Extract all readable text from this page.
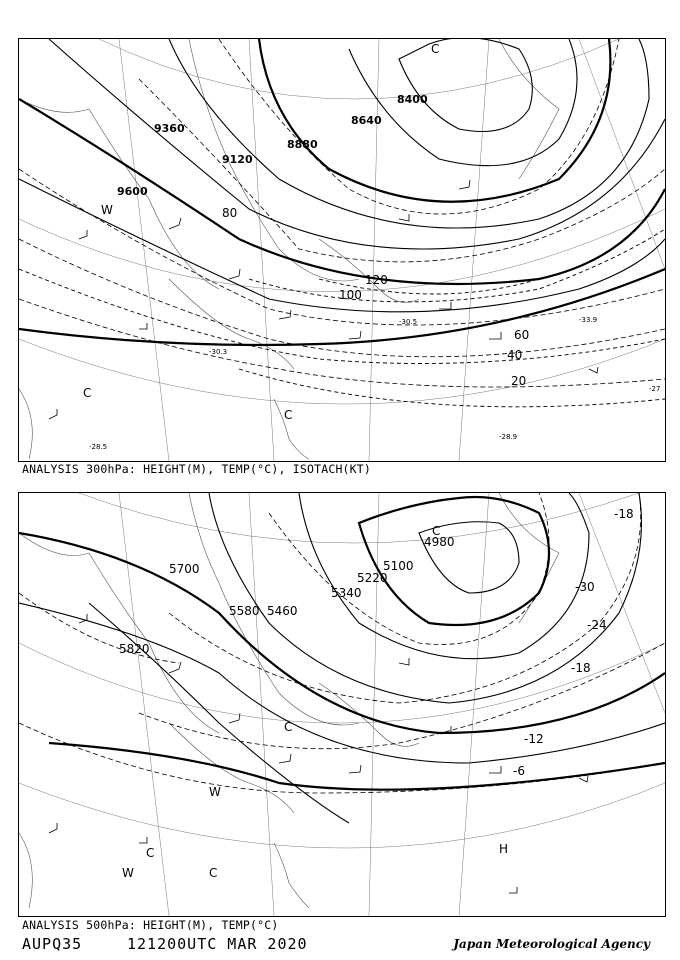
9360
9600
9120
8880
8640
8400
20
40
60
80
100
120
-30.5
-30.3
-28.9
-28.5
-33.9
-27
W
C
C
C
ANALYSIS 300hPa: HEIGHT(M), TEMP(°C), ISOTACH(KT)
5700
5820
5580 5460
5340
5220
5100
4980
-6
-12
-18
-24
-30
-18
W
W
C
C
C
H
C
ANALYSIS 500hPa: HEIGHT(M), TEMP(°C)
AUPQ35	121200UTC MAR 2020	Japan Meteorological Agency
